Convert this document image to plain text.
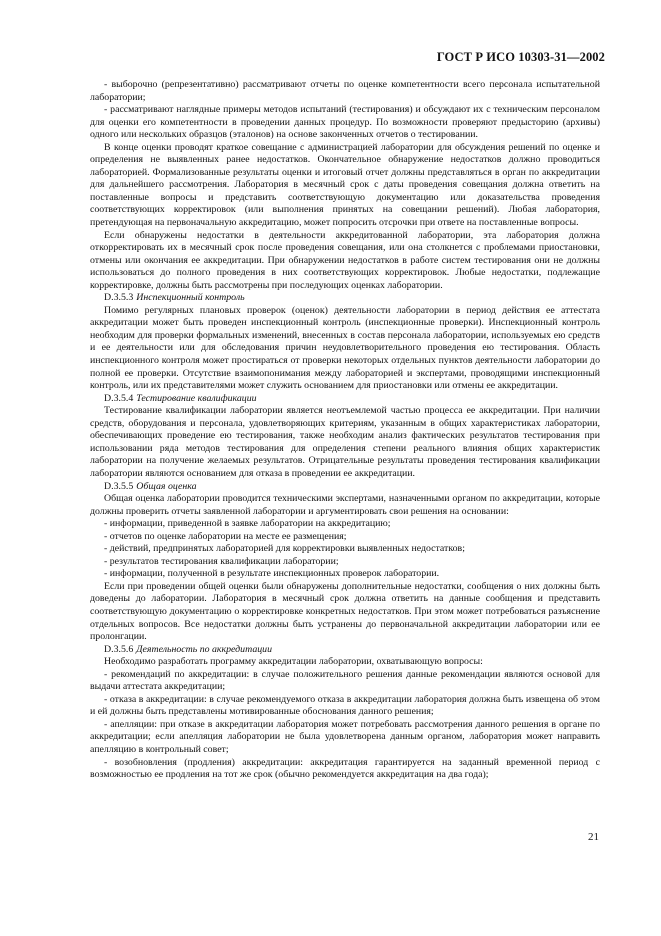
ГОСТ Р ИСО 10303-31—2002

- выборочно (репрезентативно) рассматривают отчеты по оценке компетентности всего персонала испытательной лаборатории;

- рассматривают наглядные примеры методов испытаний (тестирования) и обсуждают их с техническим персоналом для оценки его компетентности в проведении данных процедур. По возможности проверяют предысторию (архивы) одного или нескольких образцов (эталонов) на основе законченных отчетов о тестировании.

В конце оценки проводят краткое совещание с администрацией лаборатории для обсуждения решений по оценке и определения не выявленных ранее недостатков. Окончательное обнаружение недостатков должно проводиться лабораторией. Формализованные результаты оценки и итоговый отчет должны представляться в орган по аккредитации для дальнейшего рассмотрения. Лаборатория в месячный срок с даты проведения совещания должна ответить на поставленные вопросы и представить соответствующую документацию или доказательства проведения соответствующих корректировок (или выполнения принятых на совещании решений). Любая лаборатория, претендующая на первоначальную аккредитацию, может попросить отсрочки при ответе на поставленные вопросы.

Если обнаружены недостатки в деятельности аккредитованной лаборатории, эта лаборатория должна откорректировать их в месячный срок после проведения совещания, или она столкнется с проблемами приостановки, отмены или окончания ее аккредитации. При обнаружении недостатков в работе систем тестирования они не должны использоваться до полного проведения в них соответствующих корректировок. Любые недостатки, подлежащие корректировке, должны быть рассмотрены при последующих оценках лаборатории.

D.3.5.3 Инспекционный контроль

Помимо регулярных плановых проверок (оценок) деятельности лаборатории в период действия ее аттестата аккредитации может быть проведен инспекционный контроль (инспекционные проверки). Инспекционный контроль необходим для проверки формальных изменений, внесенных в состав персонала лаборатории, используемых ею средств и ее деятельности или для обследования причин неудовлетворительного проведения ею тестирования. Область инспекционного контроля может простираться от проверки некоторых отдельных пунктов деятельности лаборатории до полной ее проверки. Отсутствие взаимопонимания между лабораторией и экспертами, проводящими инспекционный контроль, или их представителями может служить основанием для приостановки или отмены ее аккредитации.

D.3.5.4 Тестирование квалификации

Тестирование квалификации лаборатории является неотъемлемой частью процесса ее аккредитации. При наличии средств, оборудования и персонала, удовлетворяющих критериям, указанным в общих характеристиках лаборатории, обеспечивающих проведение ею тестирования, также необходим анализ фактических результатов тестирования при использовании ряда методов тестирования для определения степени реального влияния общих характеристик лаборатории на получение желаемых результатов. Отрицательные результаты проведения тестирования квалификации лаборатории являются основанием для отказа в проведении ее аккредитации.

D.3.5.5 Общая оценка

Общая оценка лаборатории проводится техническими экспертами, назначенными органом по аккредитации, которые должны проверить отчеты заявленной лаборатории и аргументировать свои решения на основании:

- информации, приведенной в заявке лаборатории на аккредитацию;

- отчетов по оценке лаборатории на месте ее размещения;

- действий, предпринятых лабораторией для корректировки выявленных недостатков;

- результатов тестирования квалификации лаборатории;

- информации, полученной в результате инспекционных проверок лаборатории.

Если при проведении общей оценки были обнаружены дополнительные недостатки, сообщения о них должны быть доведены до лаборатории. Лаборатория в месячный срок должна ответить на данные сообщения и представить соответствующую документацию о корректировке конкретных недостатков. При этом может потребоваться разъяснение отдельных вопросов. Все недостатки должны быть устранены до первоначальной аккредитации лаборатории или ее пролонгации.

D.3.5.6 Деятельность по аккредитации

Необходимо разработать программу аккредитации лаборатории, охватывающую вопросы:

- рекомендаций по аккредитации: в случае положительного решения данные рекомендации являются основой для выдачи аттестата аккредитации;

- отказа в аккредитации: в случае рекомендуемого отказа в аккредитации лаборатория должна быть извещена об этом и ей должны быть представлены мотивированные обоснования данного решения;

- апелляции: при отказе в аккредитации лаборатория может потребовать рассмотрения данного решения в органе по аккредитации; если апелляция лаборатории не была удовлетворена данным органом, лаборатория может направить апелляцию в контрольный совет;

- возобновления (продления) аккредитации: аккредитация гарантируется на заданный временной период с возможностью ее продления на тот же срок (обычно рекомендуется аккредитация на два года);

21
